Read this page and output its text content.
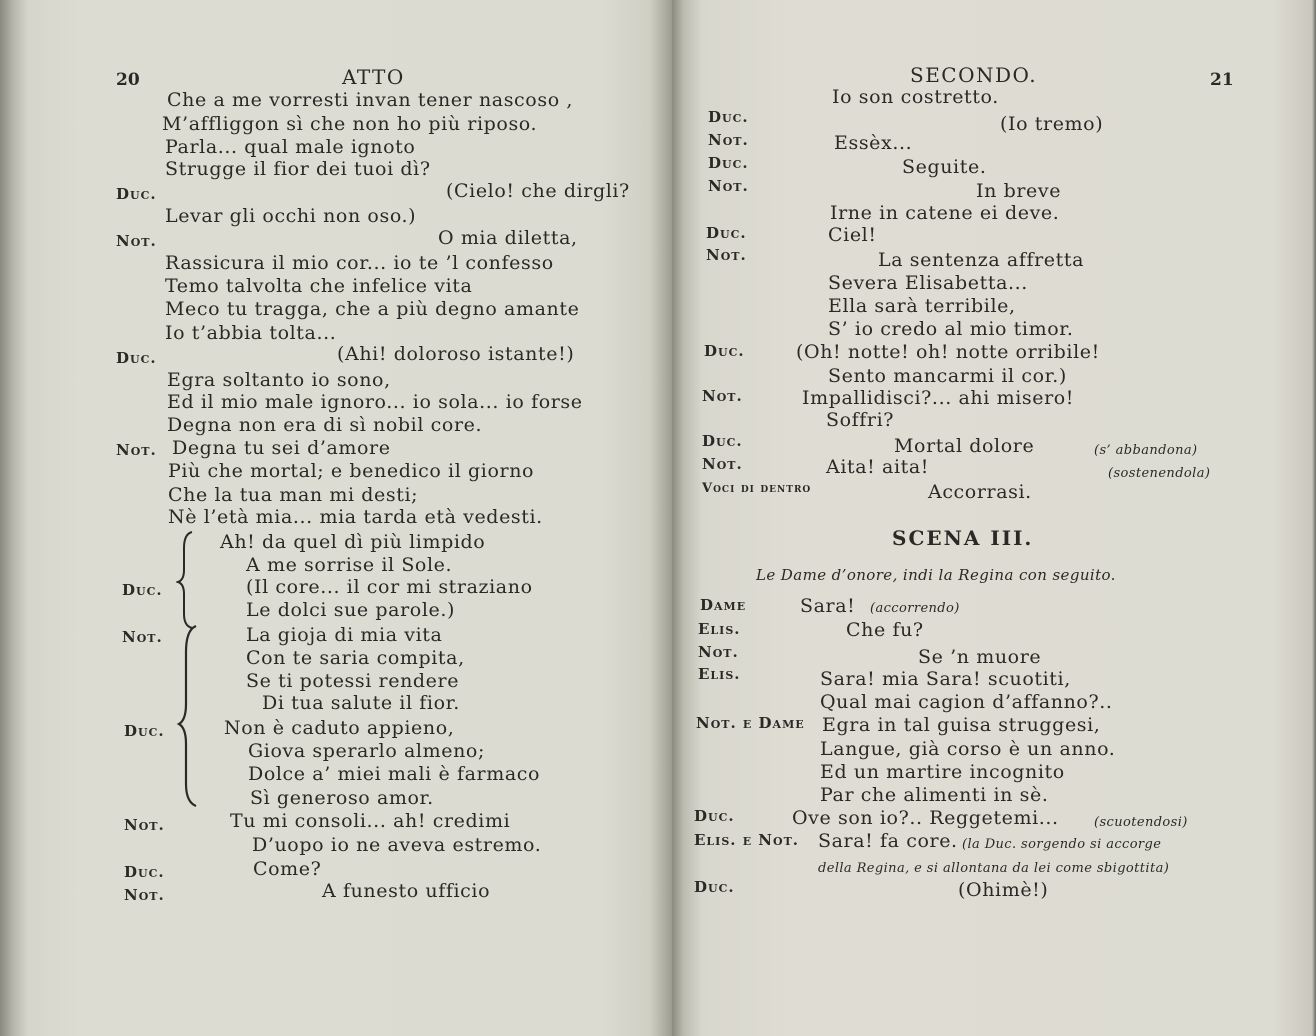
20	ATTO
Che a me vorresti invan tener nascoso ,
M’affliggon sì che non ho più riposo.
Parla... qual male ignoto
Strugge il fior dei tuoi dì?
Duc.	(Cielo! che dirgli?
Levar gli occhi non oso.)
Not.	O mia diletta,
Rassicura il mio cor... io te ’l confesso
Temo talvolta che infelice vita
Meco tu tragga, che a più degno amante
Io t’abbia tolta...
Duc.	(Ahi! doloroso istante!)
Egra soltanto io sono,
Ed il mio male ignoro... io sola... io forse
Degna non era di sì nobil core.
Not. Degna tu sei d’amore
Più che mortal; e benedico il giorno
Che la tua man mi desti;
Nè l’età mia... mia tarda età vedesti.
Ah! da quel dì più limpido
A me sorrise il Sole.
Duc.	(Il core... il cor mi straziano
Le dolci sue parole.)
Not.	La gioja di mia vita
Con te saria compita,
Se ti potessi rendere
Di tua salute il fior.
Duc.	Non è caduto appieno,
Giova sperarlo almeno;
Dolce a’ miei mali è farmaco
Sì generoso amor.
Not.	Tu mi consoli... ah! credimi
D’uopo io ne aveva estremo.
Duc.	Come?
Not.	A funesto ufficio
SECONDO.	21
Io son costretto.
Duc.	(Io tremo)
Not.	Essèx...
Duc.	Seguite.
Not.	In breve
Irne in catene ei deve.
Duc.	Ciel!
Not.	La sentenza affretta
Severa Elisabetta...
Ella sarà terribile,
S’ io credo al mio timor.
Duc.	(Oh! notte! oh! notte orribile!
Sento mancarmi il cor.)
Not.	Impallidisci?... ahi misero!
Soffri?
Duc.	Mortal dolore	(s’ abbandona)
Not.	Aita! aita!	(sostenendola)
Voci di dentro	Accorrasi.
SCENA III.
Le Dame d’onore, indi la Regina con seguito.
Dame	Sara! (accorrendo)
Elis.	Che fu?
Not.	Se ’n muore
Elis.	Sara! mia Sara! scuotiti,
Qual mai cagion d’affanno?..
Not. e Dame Egra in tal guisa struggesi,
Langue, già corso è un anno.
Ed un martire incognito
Par che alimenti in sè.
Duc.	Ove son io?.. Reggetemi...	(scuotendosi)
Elis. e Not. Sara! fa core. (la Duc. sorgendo si accorge
della Regina, e si allontana da lei come sbigottita)
Duc.	(Ohimè!)
